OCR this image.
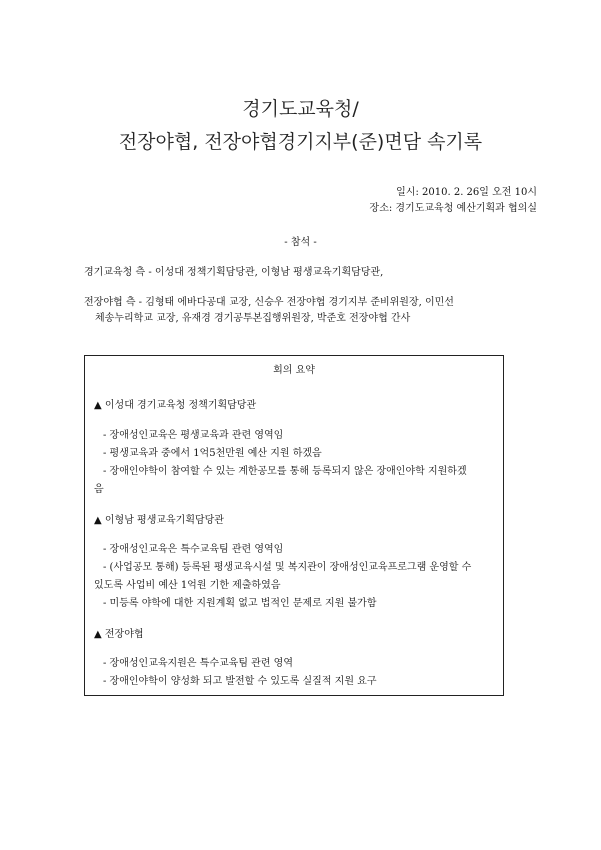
경기도교육청/
전장야협, 전장야협경기지부(준)면담 속기록
일시: 2010. 2. 26일 오전 10시
장소: 경기도교육청 예산기획과 협의실
- 참석 -
경기교육청 측 - 이성대 정책기획담당관, 이형남 평생교육기획담당관,
전장야협 측 - 김형태 에바다공대 교장, 신승우 전장야협 경기지부 준비위원장, 이민선
체송누리학교 교장, 유재경 경기공투본집행위원장, 박준호 전장야협 간사
회의 요약
▲ 이성대 경기교육청 정책기획담당관
- 장애성인교육은 평생교육과 관련 영역임
- 평생교육과 중에서 1억5천만원 예산 지원 하겠음
- 장애인야학이 참여할 수 있는 계한공모를 통해 등록되지 않은 장애인야학 지원하겠
음
▲ 이형남 평생교육기획담당관
- 장애성인교육은 특수교육팀 관련 영역임
- (사업공모 통해) 등록된 평생교육시설 및 복지관이 장애성인교육프로그램 운영할 수
있도록 사업비 예산 1억원 기한 제출하였음
- 미등록 야학에 대한 지원계획 없고 법적인 문제로 지원 불가함
▲ 전장야협
- 장애성인교육지원은 특수교육팀 관련 영역
- 장애인야학이 양성화 되고 발전할 수 있도록 실질적 지원 요구
